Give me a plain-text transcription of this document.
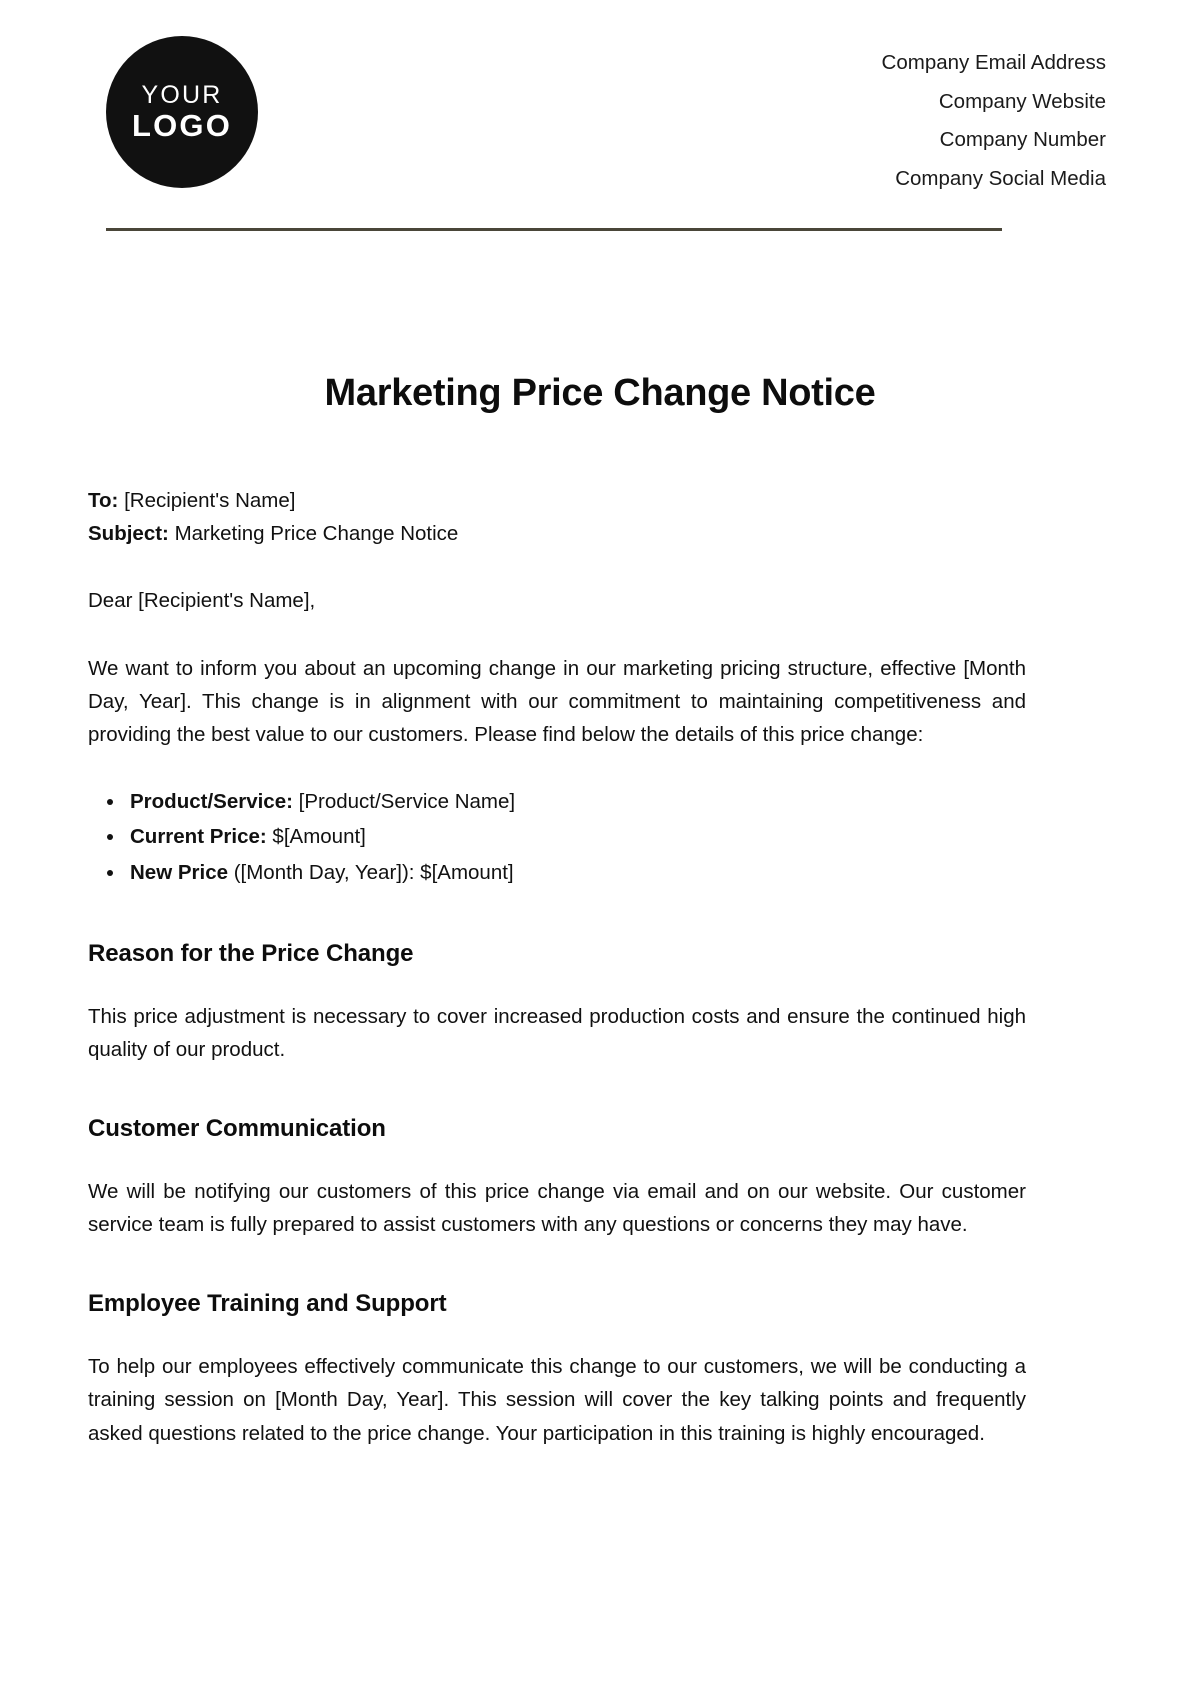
YOUR
LOGO
Company Email Address
Company Website
Company Number
Company Social Media
Marketing Price Change Notice

To: [Recipient's Name]

Subject: Marketing Price Change Notice

Dear [Recipient's Name],

We want to inform you about an upcoming change in our marketing pricing structure, effective [Month Day, Year]. This change is in alignment with our commitment to maintaining competitiveness and providing the best value to our customers. Please find below the details of this price change:

• Product/Service: [Product/Service Name]
• Current Price: $[Amount]
• New Price ([Month Day, Year]): $[Amount]
Reason for the Price Change

This price adjustment is necessary to cover increased production costs and ensure the continued high quality of our product.

Customer Communication

We will be notifying our customers of this price change via email and on our website. Our customer service team is fully prepared to assist customers with any questions or concerns they may have.

Employee Training and Support

To help our employees effectively communicate this change to our customers, we will be conducting a training session on [Month Day, Year]. This session will cover the key talking points and frequently asked questions related to the price change. Your participation in this training is highly encouraged.
